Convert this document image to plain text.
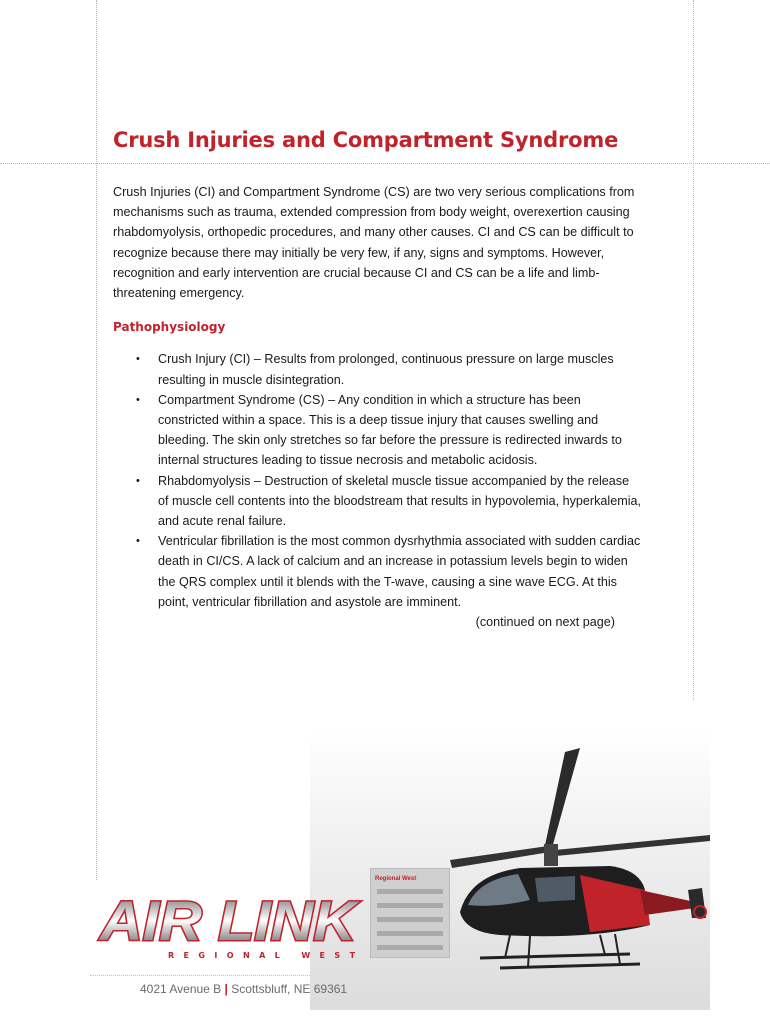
Crush Injuries and Compartment Syndrome

Crush Injuries (CI) and Compartment Syndrome (CS) are two very serious complications from mechanisms such as trauma, extended compression from body weight, overexertion causing rhabdomyolysis, orthopedic procedures, and many other causes. CI and CS can be difficult to recognize because there may initially be very few, if any, signs and symptoms. However, recognition and early intervention are crucial because CI and CS can be a life and limb-threatening emergency.

Pathophysiology
• Crush Injury (CI) – Results from prolonged, continuous pressure on large muscles resulting in muscle disintegration.
• Compartment Syndrome (CS) – Any condition in which a structure has been constricted within a space. This is a deep tissue injury that causes swelling and bleeding. The skin only stretches so far before the pressure is redirected inwards to internal structures leading to tissue necrosis and metabolic acidosis.
• Rhabdomyolysis – Destruction of skeletal muscle tissue accompanied by the release of muscle cell contents into the bloodstream that results in hypovolemia, hyperkalemia, and acute renal failure.
• Ventricular fibrillation is the most common dysrhythmia associated with sudden cardiac death in CI/CS. A lack of calcium and an increase in potassium levels begin to widen the QRS complex until it blends with the T-wave, causing a sine wave ECG. At this point, ventricular fibrillation and asystole are imminent.

(continued on next page)

Regional West
AIR LINK
REGIONAL WEST
4021 Avenue B | Scottsbluff, NE 69361
